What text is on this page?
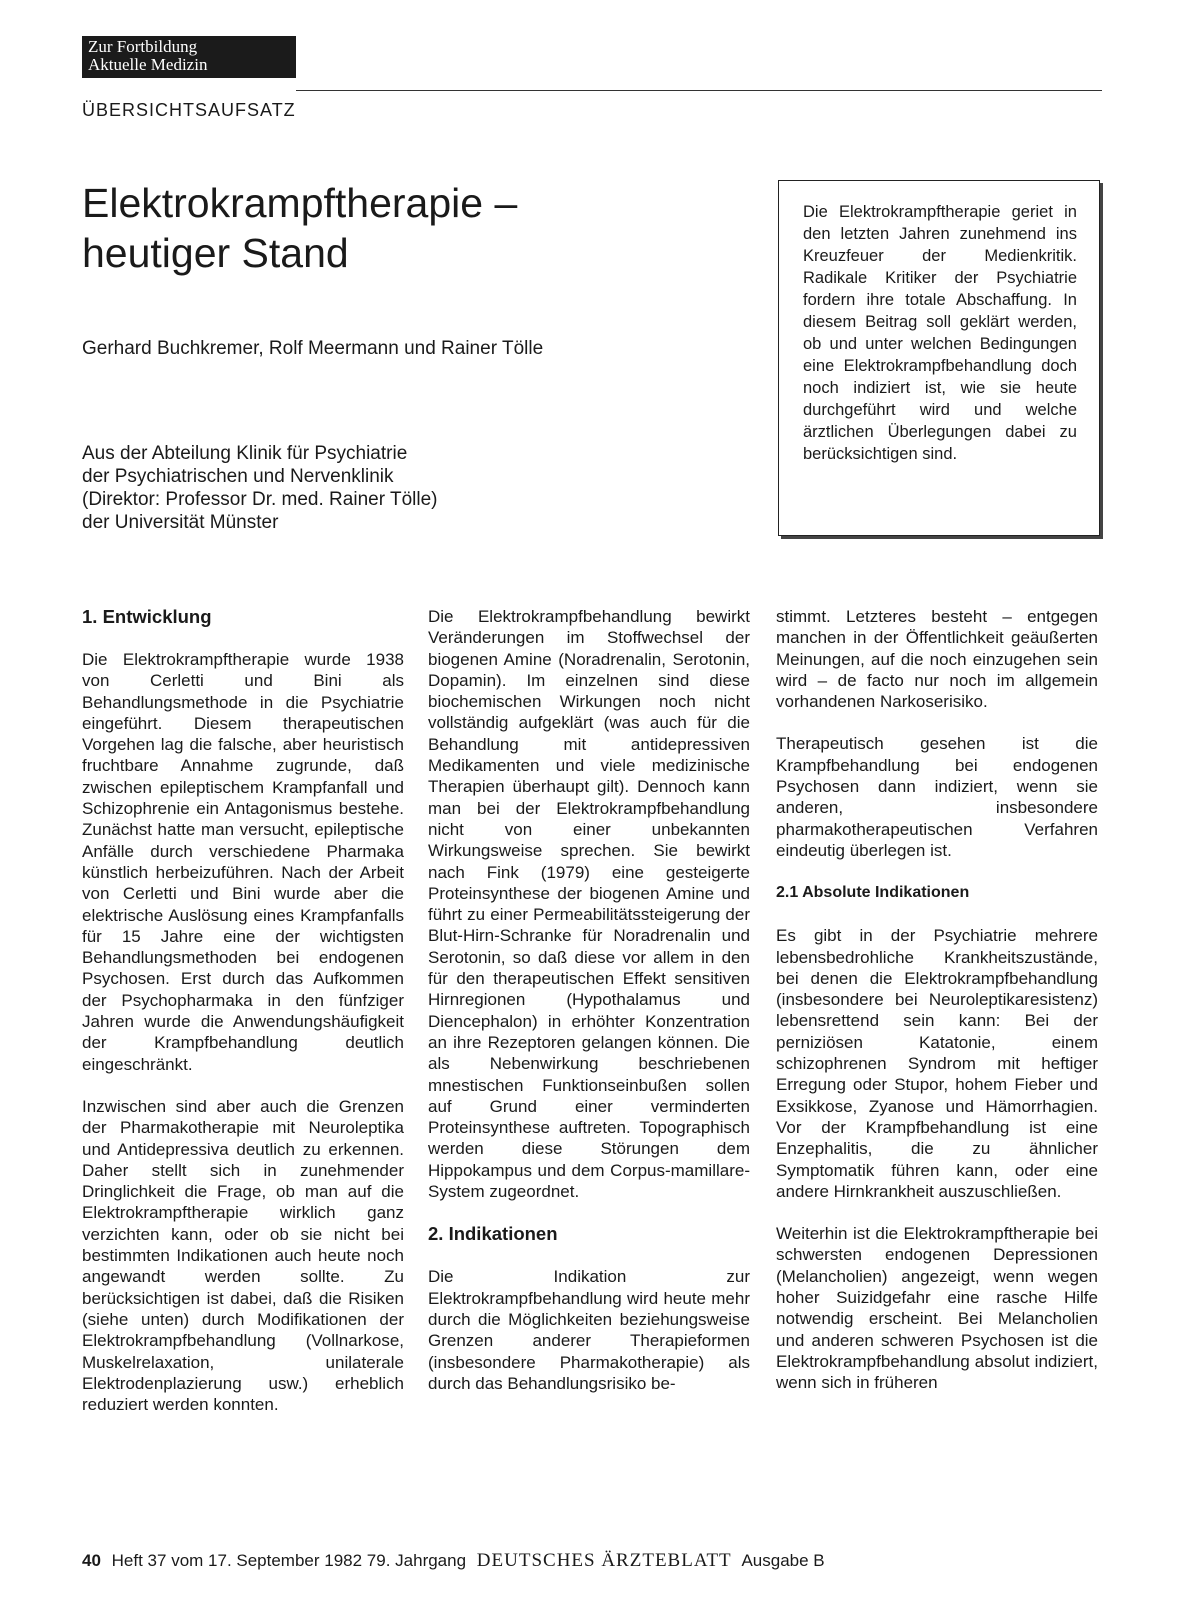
Zur Fortbildung
Aktuelle Medizin
ÜBERSICHTSAUFSATZ
Elektrokrampftherapie –
heutiger Stand
Gerhard Buchkremer, Rolf Meermann und Rainer Tölle
Aus der Abteilung Klinik für Psychiatrie
der Psychiatrischen und Nervenklinik
(Direktor: Professor Dr. med. Rainer Tölle)
der Universität Münster
Die Elektrokrampftherapie geriet in den letzten Jahren zunehmend ins Kreuzfeuer der Medienkritik. Radikale Kritiker der Psychiatrie fordern ihre totale Abschaffung. In diesem Beitrag soll geklärt werden, ob und unter welchen Bedingungen eine Elektrokrampfbehandlung doch noch indiziert ist, wie sie heute durchgeführt wird und welche ärztlichen Überlegungen dabei zu berücksichtigen sind.
1. Entwicklung

Die Elektrokrampftherapie wurde 1938 von Cerletti und Bini als Behandlungsmethode in die Psychiatrie eingeführt. Diesem therapeutischen Vorgehen lag die falsche, aber heuristisch fruchtbare Annahme zugrunde, daß zwischen epileptischem Krampfanfall und Schizophrenie ein Antagonismus bestehe. Zunächst hatte man versucht, epileptische Anfälle durch verschiedene Pharmaka künstlich herbeizuführen. Nach der Arbeit von Cerletti und Bini wurde aber die elektrische Auslösung eines Krampfanfalls für 15 Jahre eine der wichtigsten Behandlungsmethoden bei endogenen Psychosen. Erst durch das Aufkommen der Psychopharmaka in den fünfziger Jahren wurde die Anwendungshäufigkeit der Krampfbehandlung deutlich eingeschränkt.

Inzwischen sind aber auch die Grenzen der Pharmakotherapie mit Neuroleptika und Antidepressiva deutlich zu erkennen. Daher stellt sich in zunehmender Dringlichkeit die Frage, ob man auf die Elektrokrampftherapie wirklich ganz verzichten kann, oder ob sie nicht bei bestimmten Indikationen auch heute noch angewandt werden sollte. Zu berücksichtigen ist dabei, daß die Risiken (siehe unten) durch Modifikationen der Elektrokrampfbehandlung (Vollnarkose, Muskelrelaxation, unilaterale Elektrodenplazierung usw.) erheblich reduziert werden konnten.

Die Elektrokrampfbehandlung bewirkt Veränderungen im Stoffwechsel der biogenen Amine (Noradrenalin, Serotonin, Dopamin). Im einzelnen sind diese biochemischen Wirkungen noch nicht vollständig aufgeklärt (was auch für die Behandlung mit antidepressiven Medikamenten und viele medizinische Therapien überhaupt gilt). Dennoch kann man bei der Elektrokrampfbehandlung nicht von einer unbekannten Wirkungsweise sprechen. Sie bewirkt nach Fink (1979) eine gesteigerte Proteinsynthese der biogenen Amine und führt zu einer Permeabilitätssteigerung der Blut-Hirn-Schranke für Noradrenalin und Serotonin, so daß diese vor allem in den für den therapeutischen Effekt sensitiven Hirnregionen (Hypothalamus und Diencephalon) in erhöhter Konzentration an ihre Rezeptoren gelangen können. Die als Nebenwirkung beschriebenen mnestischen Funktionseinbußen sollen auf Grund einer verminderten Proteinsynthese auftreten. Topographisch werden diese Störungen dem Hippokampus und dem Corpus-mamillare-System zugeordnet.

2. Indikationen

Die Indikation zur Elektrokrampfbehandlung wird heute mehr durch die Möglichkeiten beziehungsweise Grenzen anderer Therapieformen (insbesondere Pharmakotherapie) als durch das Behandlungsrisiko be-

stimmt. Letzteres besteht – entgegen manchen in der Öffentlichkeit geäußerten Meinungen, auf die noch einzugehen sein wird – de facto nur noch im allgemein vorhandenen Narkoserisiko.

Therapeutisch gesehen ist die Krampfbehandlung bei endogenen Psychosen dann indiziert, wenn sie anderen, insbesondere pharmakotherapeutischen Verfahren eindeutig überlegen ist.

2.1 Absolute Indikationen

Es gibt in der Psychiatrie mehrere lebensbedrohliche Krankheitszustände, bei denen die Elektrokrampfbehandlung (insbesondere bei Neuroleptikaresistenz) lebensrettend sein kann: Bei der perniziösen Katatonie, einem schizophrenen Syndrom mit heftiger Erregung oder Stupor, hohem Fieber und Exsikkose, Zyanose und Hämorrhagien. Vor der Krampfbehandlung ist eine Enzephalitis, die zu ähnlicher Symptomatik führen kann, oder eine andere Hirnkrankheit auszuschließen.

Weiterhin ist die Elektrokrampftherapie bei schwersten endogenen Depressionen (Melancholien) angezeigt, wenn wegen hoher Suizidgefahr eine rasche Hilfe notwendig erscheint. Bei Melancholien und anderen schweren Psychosen ist die Elektrokrampfbehandlung absolut indiziert, wenn sich in früheren

40 Heft 37 vom 17. September 1982 79. Jahrgang DEUTSCHES ÄRZTEBLATT Ausgabe B
